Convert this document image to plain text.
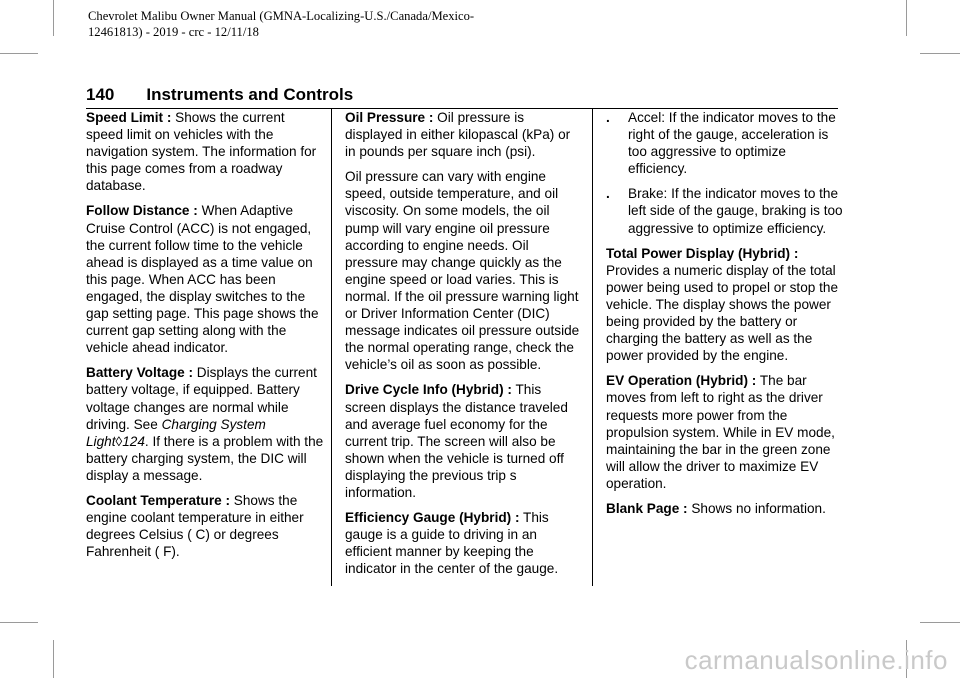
Chevrolet Malibu Owner Manual (GMNA-Localizing-U.S./Canada/Mexico-
12461813) - 2019 - crc - 12/11/18
140 Instruments and Controls

Speed Limit : Shows the current speed limit on vehicles with the navigation system. The information for this page comes from a roadway database.

Follow Distance : When Adaptive Cruise Control (ACC) is not engaged, the current follow time to the vehicle ahead is displayed as a time value on this page. When ACC has been engaged, the display switches to the gap setting page. This page shows the current gap setting along with the vehicle ahead indicator.

Battery Voltage : Displays the current battery voltage, if equipped. Battery voltage changes are normal while driving. See Charging System Light◊124. If there is a problem with the battery charging system, the DIC will display a message.

Coolant Temperature : Shows the engine coolant temperature in either degrees Celsius ( C) or degrees Fahrenheit ( F).

Oil Pressure : Oil pressure is displayed in either kilopascal (kPa) or in pounds per square inch (psi).

Oil pressure can vary with engine speed, outside temperature, and oil viscosity. On some models, the oil pump will vary engine oil pressure according to engine needs. Oil pressure may change quickly as the engine speed or load varies. This is normal. If the oil pressure warning light or Driver Information Center (DIC) message indicates oil pressure outside the normal operating range, check the vehicle’s oil as soon as possible.

Drive Cycle Info (Hybrid) : This screen displays the distance traveled and average fuel economy for the current trip. The screen will also be shown when the vehicle is turned off displaying the previous trip s information.

Efficiency Gauge (Hybrid) : This gauge is a guide to driving in an efficient manner by keeping the indicator in the center of the gauge.

. Accel: If the indicator moves to the right of the gauge, acceleration is too aggressive to optimize efficiency.
. Brake: If the indicator moves to the left side of the gauge, braking is too aggressive to optimize efficiency.

Total Power Display (Hybrid) : Provides a numeric display of the total power being used to propel or stop the vehicle. The display shows the power being provided by the battery or charging the battery as well as the power provided by the engine.

EV Operation (Hybrid) : The bar moves from left to right as the driver requests more power from the propulsion system. While in EV mode, maintaining the bar in the green zone will allow the driver to maximize EV operation.

Blank Page : Shows no information.

carmanualsonline.info
